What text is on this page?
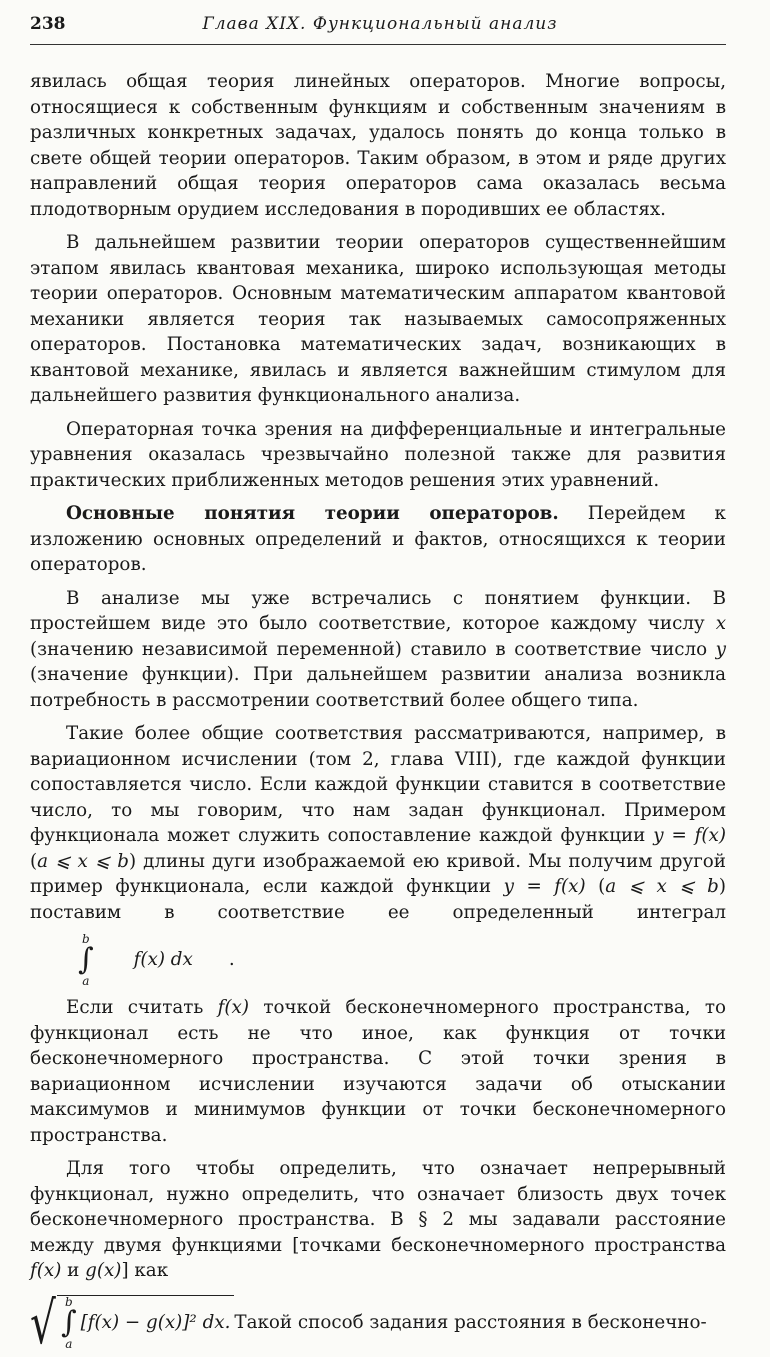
238	Глава XIX. Функциональный анализ

явилась общая теория линейных операторов. Многие вопросы, относящиеся к собственным функциям и собственным значениям в различных конкретных задачах, удалось понять до конца только в свете общей теории операторов. Таким образом, в этом и ряде других направлений общая теория операторов сама оказалась весьма плодотворным орудием исследования в породивших ее областях.

В дальнейшем развитии теории операторов существеннейшим этапом явилась квантовая механика, широко использующая методы теории операторов. Основным математическим аппаратом квантовой механики является теория так называемых самосопряженных операторов. Постановка математических задач, возникающих в квантовой механике, явилась и является важнейшим стимулом для дальнейшего развития функционального анализа.

Операторная точка зрения на дифференциальные и интегральные уравнения оказалась чрезвычайно полезной также для развития практических приближенных методов решения этих уравнений.

Основные понятия теории операторов. Перейдем к изложению основных определений и фактов, относящихся к теории операторов.

В анализе мы уже встречались с понятием функции. В простейшем виде это было соответствие, которое каждому числу x (значению независимой переменной) ставило в соответствие число y (значение функции). При дальнейшем развитии анализа возникла потребность в рассмотрении соответствий более общего типа.

Такие более общие соответствия рассматриваются, например, в вариационном исчислении (том 2, глава VIII), где каждой функции сопоставляется число. Если каждой функции ставится в соответствие число, то мы говорим, что нам задан функционал. Примером функционала может служить сопоставление каждой функции y = f(x) (a ⩽ x ⩽ b) длины дуги изображаемой ею кривой. Мы получим другой пример функционала, если каждой функции y = f(x) (a ⩽ x ⩽ b) поставим в соответствие ее определенный интеграл
b
∫
a
f(x) dx	.

Если считать f(x) точкой бесконечномерного пространства, то функционал есть не что иное, как функция от точки бесконечномерного пространства. С этой точки зрения в вариационном исчислении изучаются задачи об отыскании максимумов и минимумов функции от точки бесконечномерного пространства.

Для того чтобы определить, что означает непрерывный функционал, нужно определить, что означает близость двух точек бесконечномерного пространства. В § 2 мы задавали расстояние между двумя функциями [точками бесконечномерного пространства f(x) и g(x)] как

√ b
∫
a
[f(x) − g(x)]² dx. Такой способ задания расстояния в бесконечно-
